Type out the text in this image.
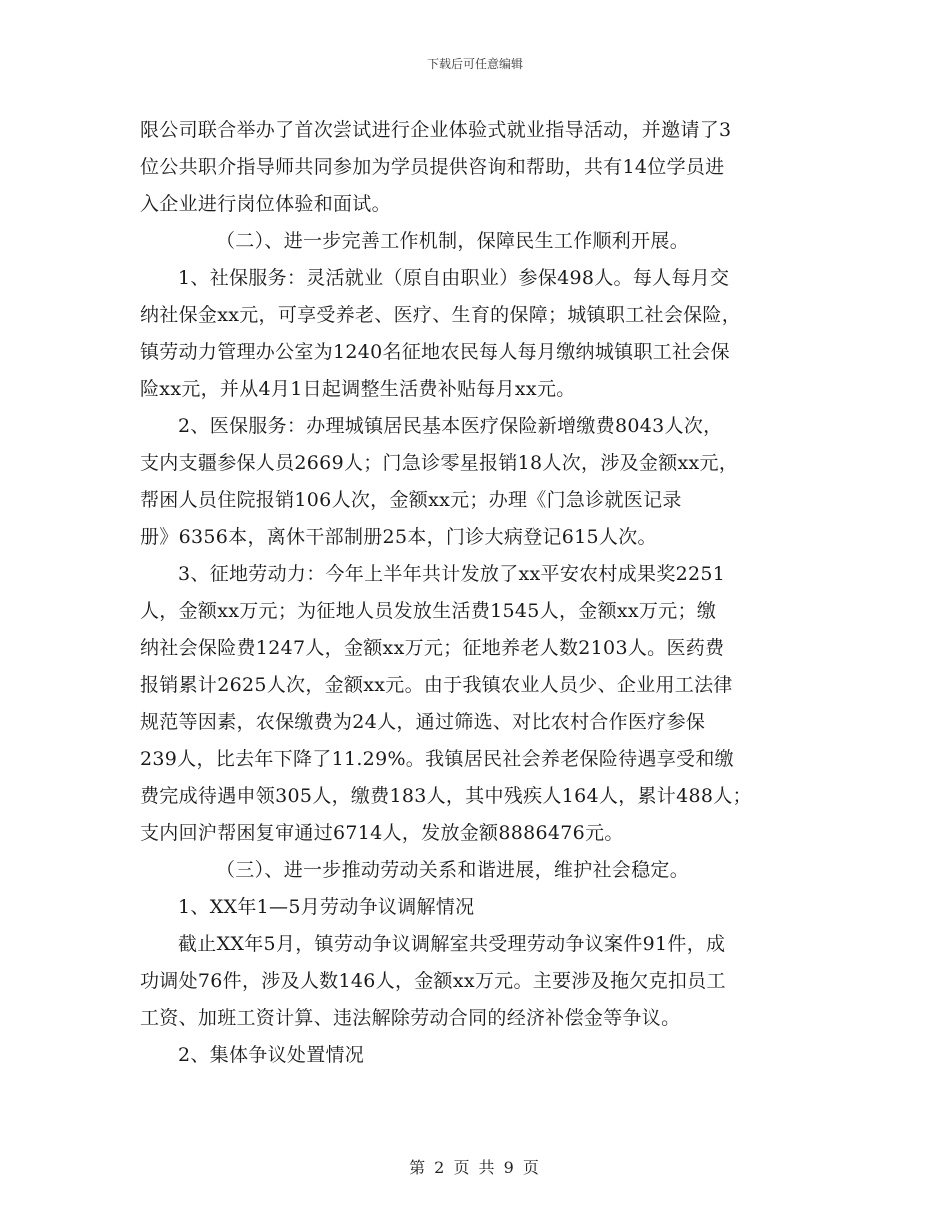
下载后可任意编辑
限公司联合举办了首次尝试进行企业体验式就业指导活动，并邀请了3
位公共职介指导师共同参加为学员提供咨询和帮助，共有14位学员进
入企业进行岗位体验和面试。
（二）、进一步完善工作机制，保障民生工作顺利开展。
1、社保服务：灵活就业（原自由职业）参保498人。每人每月交
纳社保金xx元，可享受养老、医疗、生育的保障；城镇职工社会保险，
镇劳动力管理办公室为1240名征地农民每人每月缴纳城镇职工社会保
险xx元，并从4月1日起调整生活费补贴每月xx元。
2、医保服务：办理城镇居民基本医疗保险新增缴费8043人次，
支内支疆参保人员2669人；门急诊零星报销18人次，涉及金额xx元，
帮困人员住院报销106人次，金额xx元；办理《门急诊就医记录
册》6356本，离休干部制册25本，门诊大病登记615人次。
3、征地劳动力：今年上半年共计发放了xx平安农村成果奖2251
人，金额xx万元；为征地人员发放生活费1545人，金额xx万元；缴
纳社会保险费1247人，金额xx万元；征地养老人数2103人。医药费
报销累计2625人次，金额xx元。由于我镇农业人员少、企业用工法律
规范等因素，农保缴费为24人，通过筛选、对比农村合作医疗参保
239人，比去年下降了11.29%。我镇居民社会养老保险待遇享受和缴
费完成待遇申领305人，缴费183人，其中残疾人164人，累计488人；
支内回沪帮困复审通过6714人，发放金额8886476元。
（三）、进一步推动劳动关系和谐进展，维护社会稳定。
1、XX年1—5月劳动争议调解情况
截止XX年5月，镇劳动争议调解室共受理劳动争议案件91件，成
功调处76件，涉及人数146人，金额xx万元。主要涉及拖欠克扣员工
工资、加班工资计算、违法解除劳动合同的经济补偿金等争议。
2、集体争议处置情况
第 2 页 共 9 页
